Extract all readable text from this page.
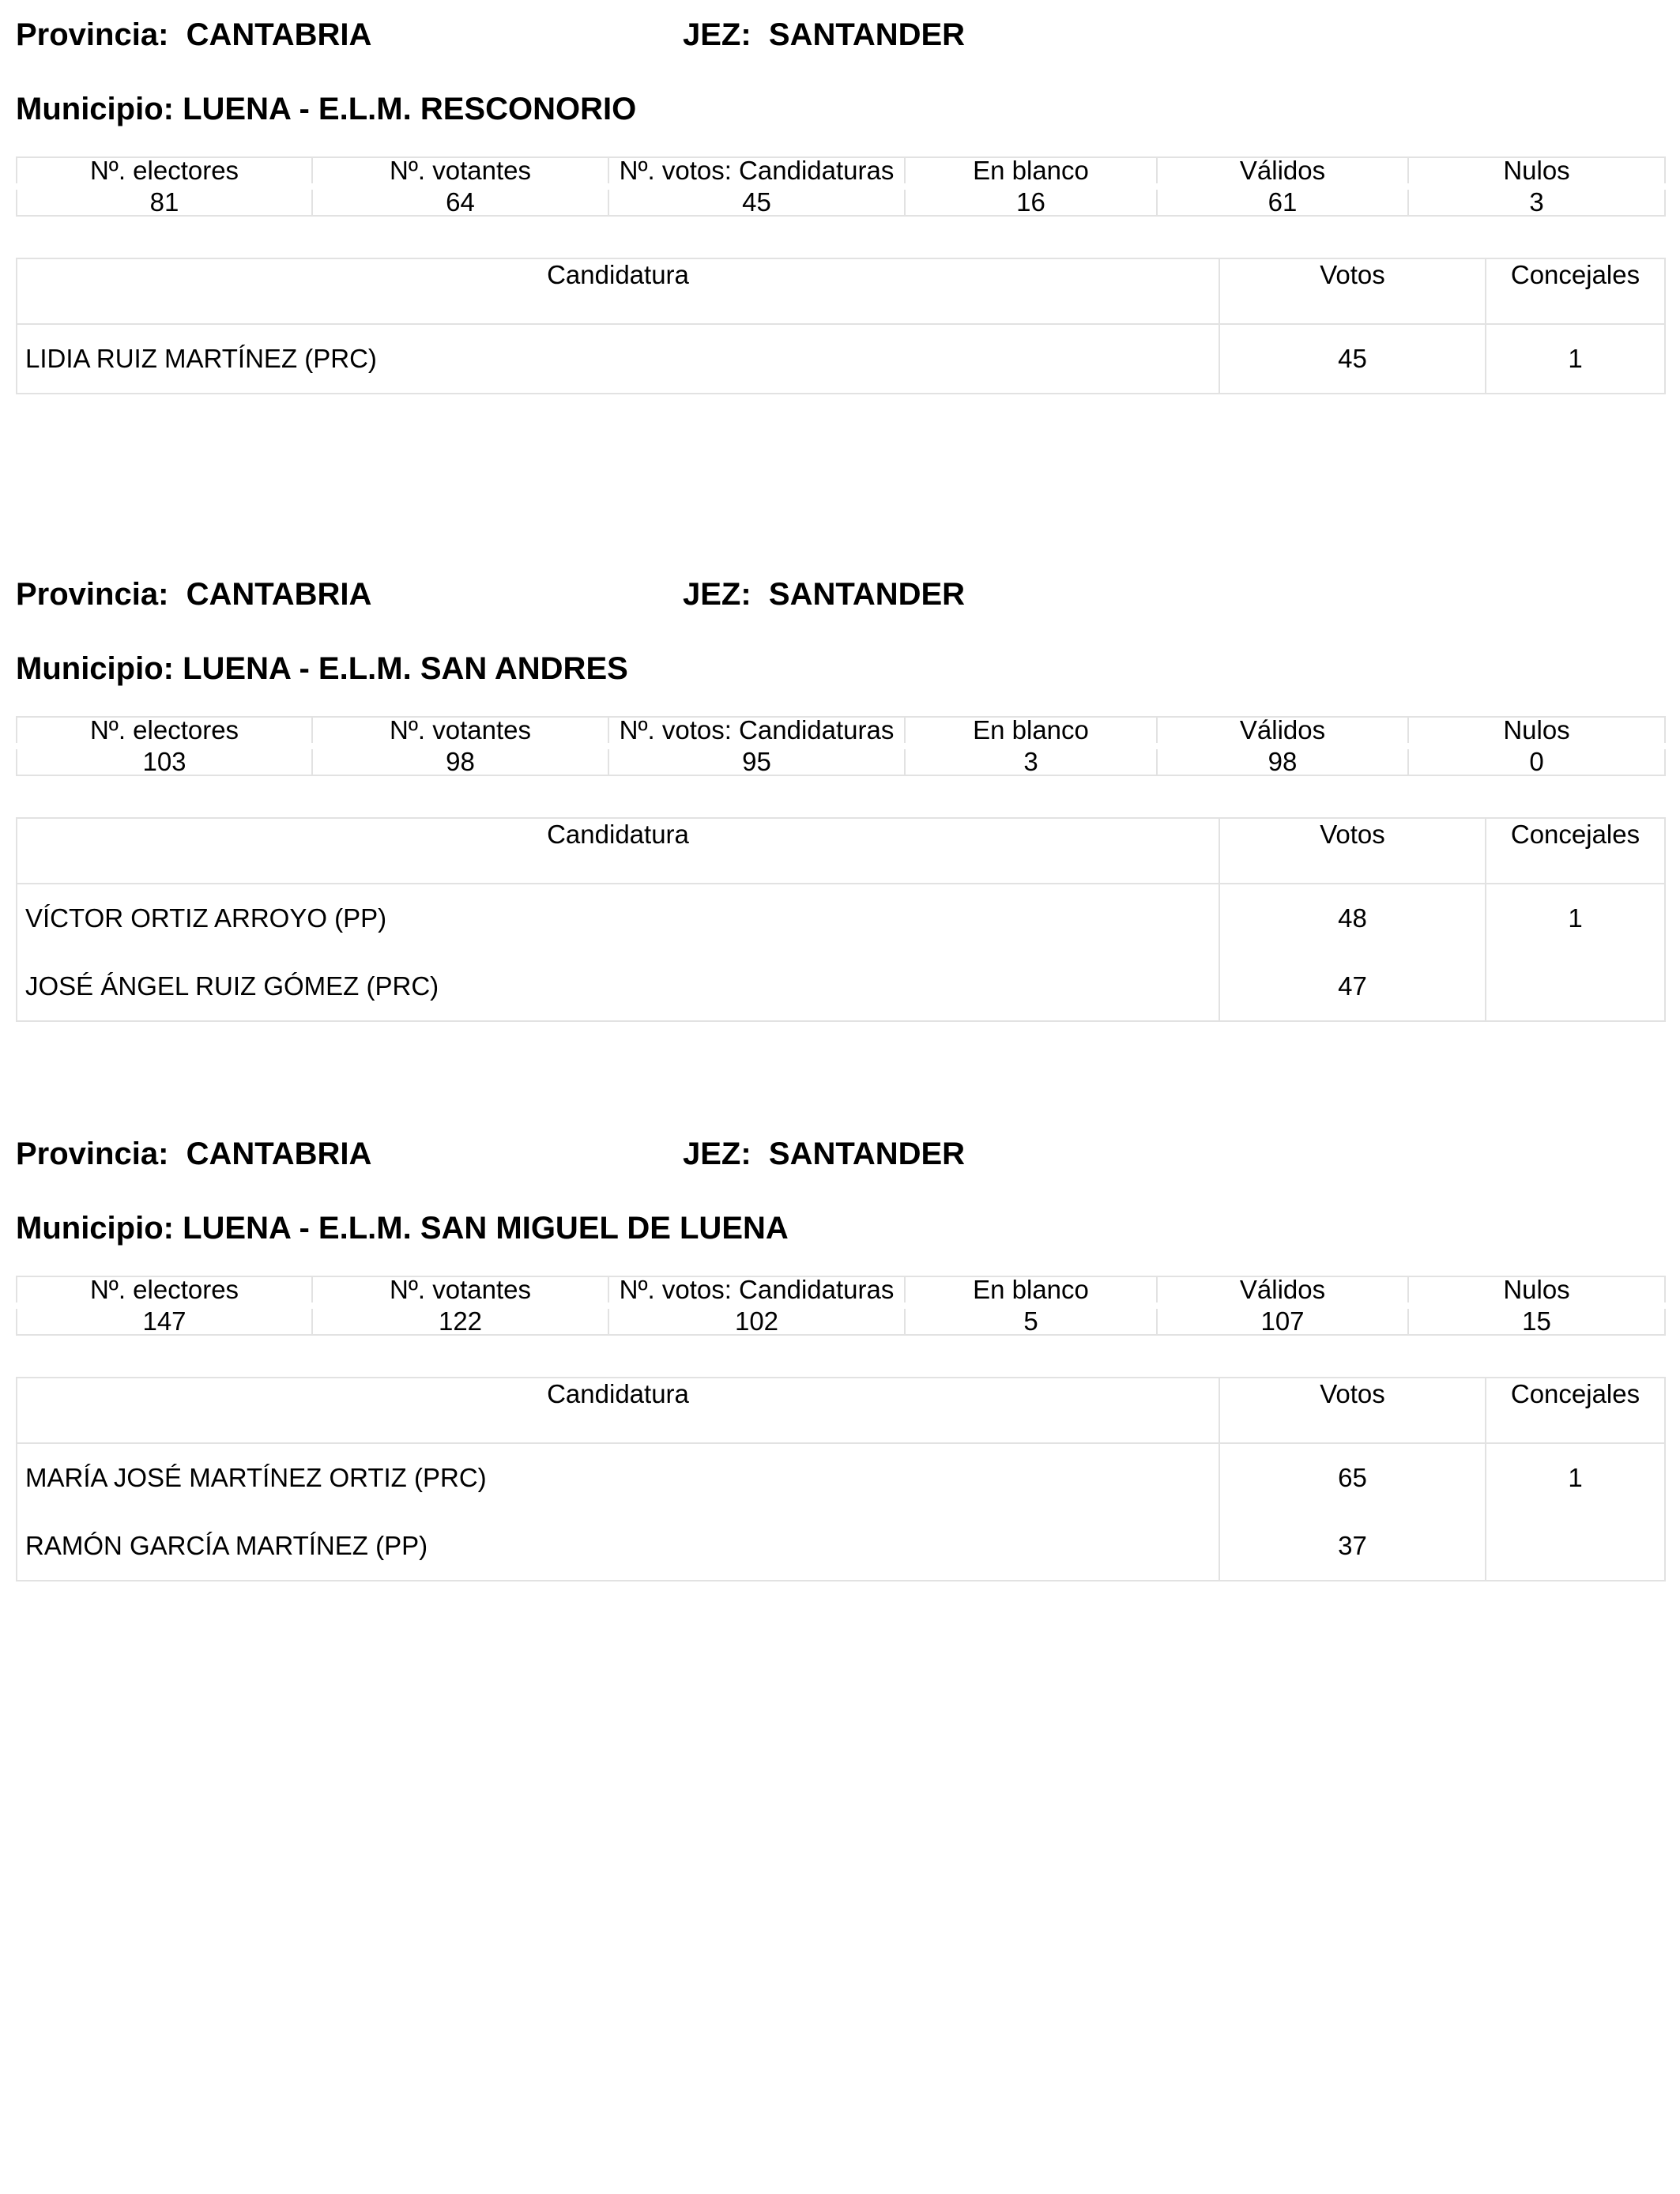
Provincia: CANTABRIA	JEZ: SANTANDER
Municipio: LUENA - E.L.M. RESCONORIO
Nº. electores	Nº. votantes	Nº. votos: Candidaturas	En blanco	Válidos	Nulos
81	64	45	16	61	3
Candidatura	Votos	Concejales
LIDIA RUIZ MARTÍNEZ (PRC)	45	1
Provincia: CANTABRIA	JEZ: SANTANDER
Municipio: LUENA - E.L.M. SAN ANDRES
Nº. electores	Nº. votantes	Nº. votos: Candidaturas	En blanco	Válidos	Nulos
103	98	95	3	98	0
Candidatura	Votos	Concejales
VÍCTOR ORTIZ ARROYO (PP)	48	1
JOSÉ ÁNGEL RUIZ GÓMEZ (PRC)	47	
Provincia: CANTABRIA	JEZ: SANTANDER
Municipio: LUENA - E.L.M. SAN MIGUEL DE LUENA
Nº. electores	Nº. votantes	Nº. votos: Candidaturas	En blanco	Válidos	Nulos
147	122	102	5	107	15
Candidatura	Votos	Concejales
MARÍA JOSÉ MARTÍNEZ ORTIZ (PRC)	65	1
RAMÓN GARCÍA MARTÍNEZ (PP)	37	
